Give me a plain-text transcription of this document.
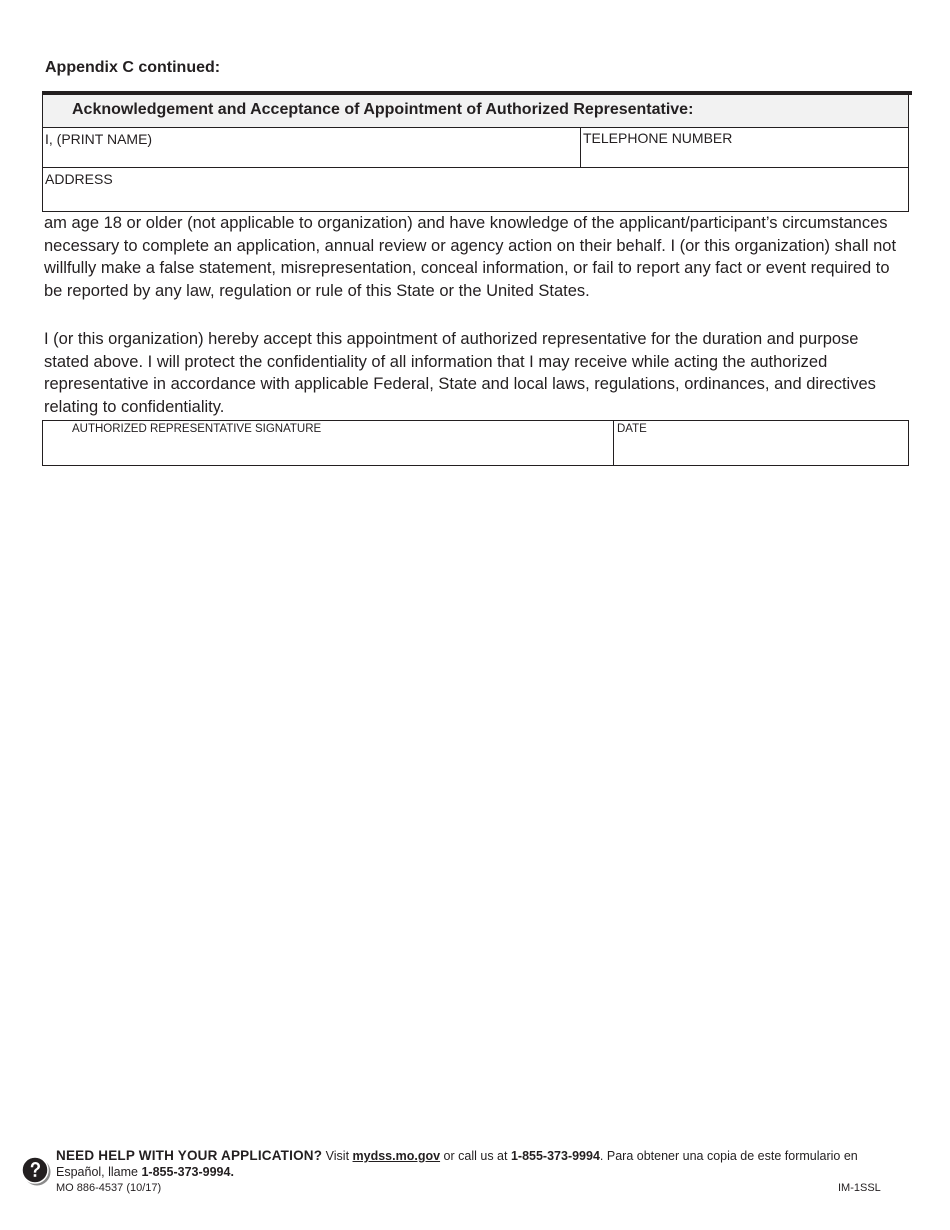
Appendix C continued:
Acknowledgement and Acceptance of Appointment of Authorized Representative:
I, (PRINT NAME)	TELEPHONE NUMBER
ADDRESS
am age 18 or older (not applicable to organization) and have knowledge of the applicant/participant’s circumstances necessary to complete an application, annual review or agency action on their behalf. I (or this organization) shall not willfully make a false statement, misrepresentation, conceal information, or fail to report any fact or event required to be reported by any law, regulation or rule of this State or the United States.
I (or this organization) hereby accept this appointment of authorized representative for the duration and purpose stated above. I will protect the confidentiality of all information that I may receive while acting the authorized representative in accordance with applicable Federal, State and local laws, regulations, ordinances, and directives relating to confidentiality.
AUTHORIZED REPRESENTATIVE SIGNATURE	DATE
NEED HELP WITH YOUR APPLICATION? Visit mydss.mo.gov or call us at 1-855-373-9994. Para obtener una copia de este formulario en
Español, llame 1-855-373-9994.
MO 886-4537 (10/17)	IM-1SSL
